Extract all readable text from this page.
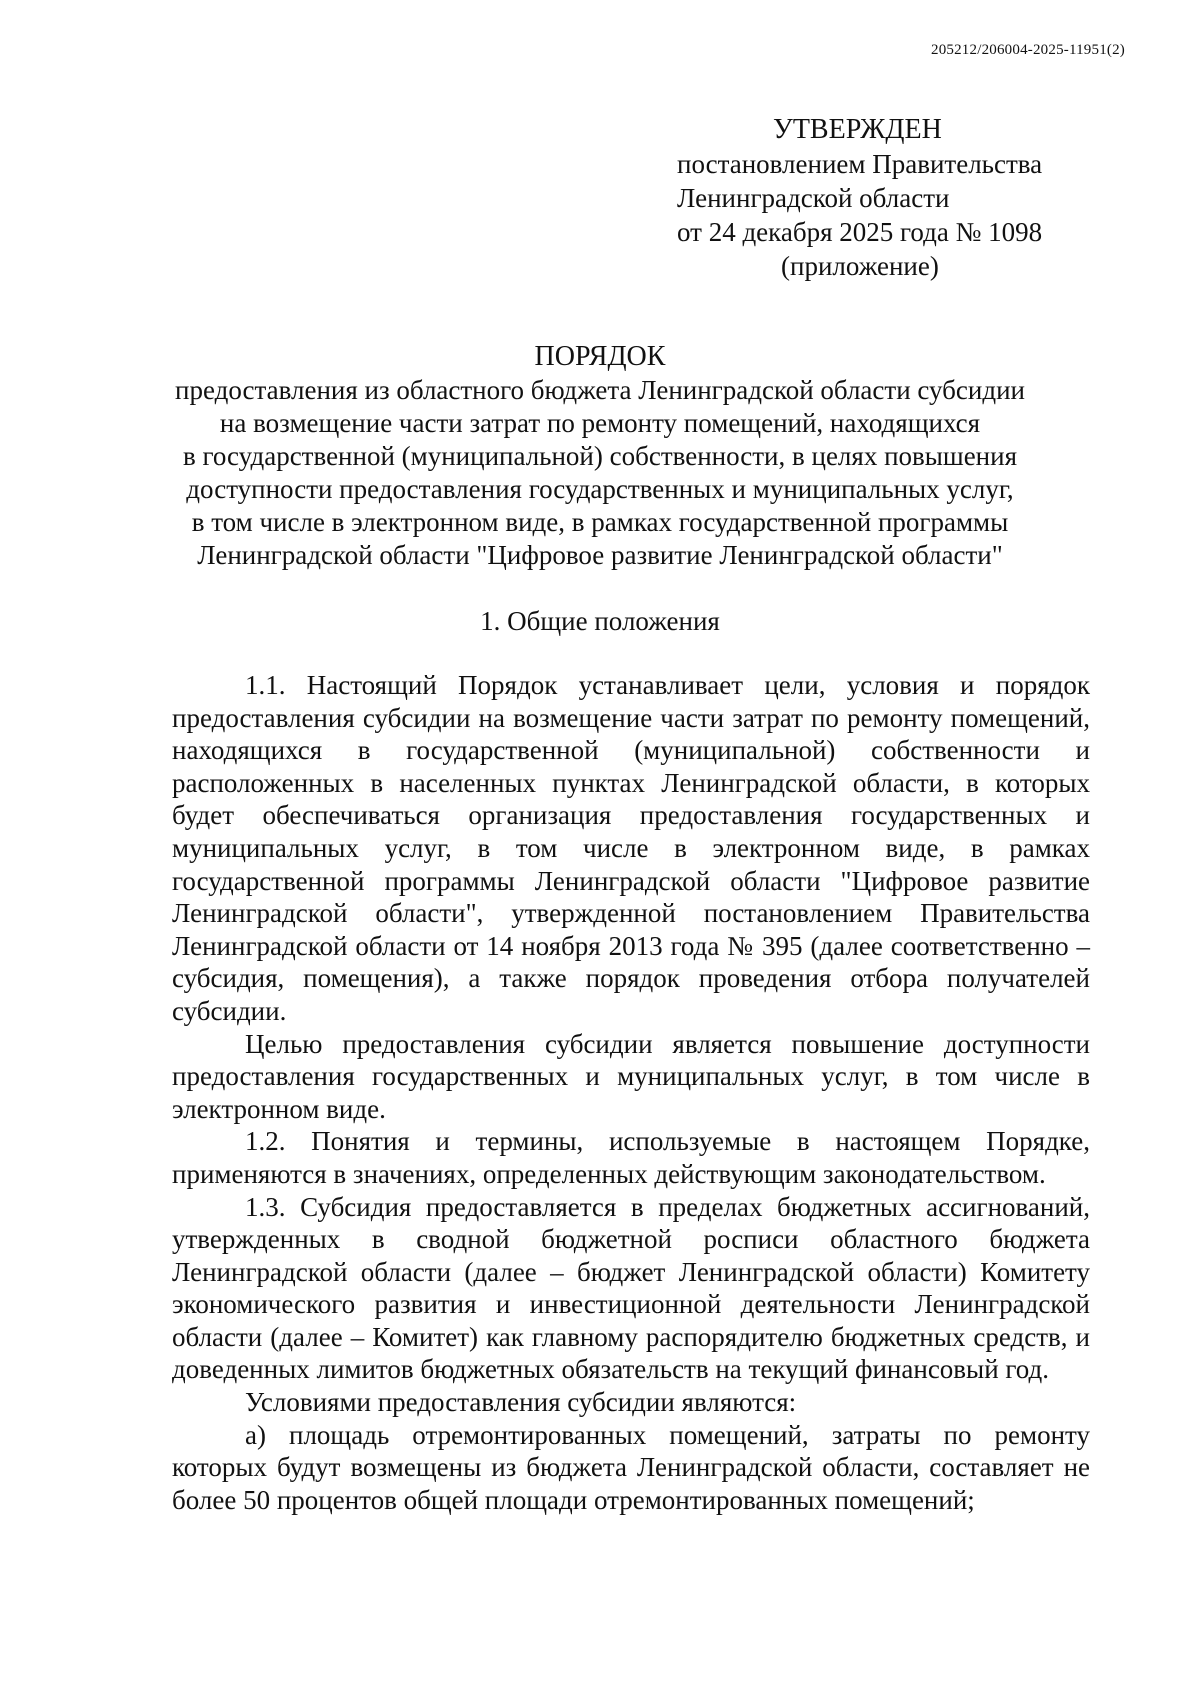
205212/206004-2025-11951(2)
УТВЕРЖДЕН
постановлением Правительства
Ленинградской области
от 24 декабря 2025 года № 1098
(приложение)
ПОРЯДОК
предоставления из областного бюджета Ленинградской области субсидии
на возмещение части затрат по ремонту помещений, находящихся
в государственной (муниципальной) собственности, в целях повышения
доступности предоставления государственных и муниципальных услуг,
в том числе в электронном виде, в рамках государственной программы
Ленинградской области "Цифровое развитие Ленинградской области"
1. Общие положения

1.1. Настоящий Порядок устанавливает цели, условия и порядок предоставления субсидии на возмещение части затрат по ремонту помещений, находящихся в государственной (муниципальной) собственности и расположенных в населенных пунктах Ленинградской области, в которых будет обеспечиваться организация предоставления государственных и муниципальных услуг, в том числе в электронном виде, в рамках государственной программы Ленинградской области "Цифровое развитие Ленинградской области", утвержденной постановлением Правительства Ленинградской области от 14 ноября 2013 года № 395 (далее соответственно – субсидия, помещения), а также порядок проведения отбора получателей субсидии.

Целью предоставления субсидии является повышение доступности предоставления государственных и муниципальных услуг, в том числе в электронном виде.

1.2. Понятия и термины, используемые в настоящем Порядке, применяются в значениях, определенных действующим законодательством.

1.3. Субсидия предоставляется в пределах бюджетных ассигнований, утвержденных в сводной бюджетной росписи областного бюджета Ленинградской области (далее – бюджет Ленинградской области) Комитету экономического развития и инвестиционной деятельности Ленинградской области (далее – Комитет) как главному распорядителю бюджетных средств, и доведенных лимитов бюджетных обязательств на текущий финансовый год.

Условиями предоставления субсидии являются:

а) площадь отремонтированных помещений, затраты по ремонту которых будут возмещены из бюджета Ленинградской области, составляет не более 50 процентов общей площади отремонтированных помещений;
